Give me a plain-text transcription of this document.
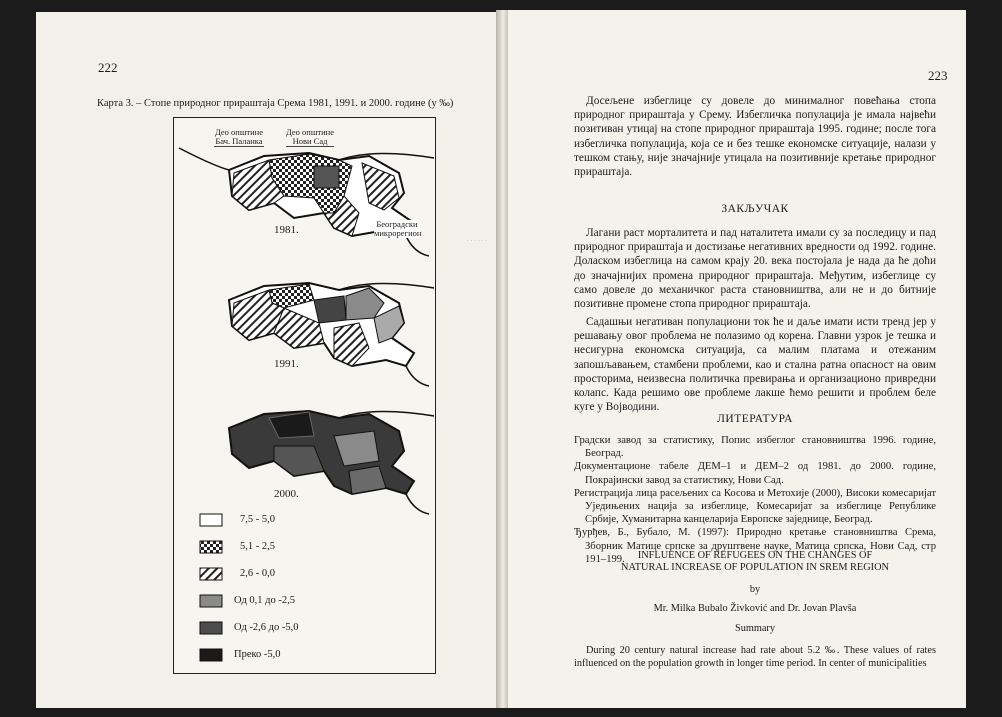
222
Карта 3. – Стопе природног прираштаја Срема 1981, 1991. и 2000. године (у ‰)
……
Део општине Бач. Паланка
Део општине Нови Сад
Београдски микрорегион
1981.
1991.
2000.
7,5 - 5,0
5,1 - 2,5
2,6 - 0,0
Од 0,1 до -2,5
Од -2,6 до -5,0
Преко -5,0
223
Досељене избеглице су довеле до минималног повећања стопа природног прираштаја у Срему. Избегличка популација је имала највећи позитиван утицај на стопе природног прираштаја 1995. године; после тога избегличка популација, која се и без тешке економске ситуације, налази у тешком стању, није значајније утицала на позитивније кретање природног прираштаја.
ЗАКЉУЧАК
Лагани раст морталитета и пад наталитета имали су за последицу и пад природног прираштаја и достизање негативних вредности од 1992. године. Доласком избеглица на самом крају 20. века постојала је нада да ће доћи до значајнијих промена природног прираштаја. Међутим, избеглице су само довеле до механичког раста становништва, али не и до битније позитивне промене стопа природног прираштаја.
Садашњи негативан популациони ток ће и даље имати исти тренд јер у решавању овог проблема не полазимо од корена. Главни узрок је тешка и несигурна економска ситуација, са малим платама и отежаним запошљавањем, стамбени проблеми, као и стална ратна опасност на овим просторима, неизвесна политичка превирања и организационо привредни колапс. Када решимо ове проблеме лакше ћемо решити и проблем беле куге у Војводини.
ЛИТЕРАТУРА

Градски завод за статистику, Попис избеглог становништва 1996. године, Београд.

Документационе табеле ДЕМ–1 и ДЕМ–2 од 1981. до 2000. године, Покрајински завод за статистику, Нови Сад.

Регистрација лица расељених са Косова и Метохије (2000), Високи комесаријат Уједињених нација за избеглице, Комесаријат за избеглице Републике Србије, Хуманитарна канцеларија Европске заједнице, Београд.

Ђурђев, Б., Бубало, М. (1997): Природно кретање становништва Срема, Зборник Матице српске за друштвене науке, Матица српска, Нови Сад, стр 191–199.	INFLUENCE OF REFUGEES ON THE CHANGES OF
NATURAL INCREASE OF POPULATION IN SREM REGION
by
Mr. Milka Bubalo Živković and Dr. Jovan Plavša
Summary
During 20 century natural increase had rate about 5.2 ‰. These values of rates influenced on the population growth in longer time period. In center of municipalities
